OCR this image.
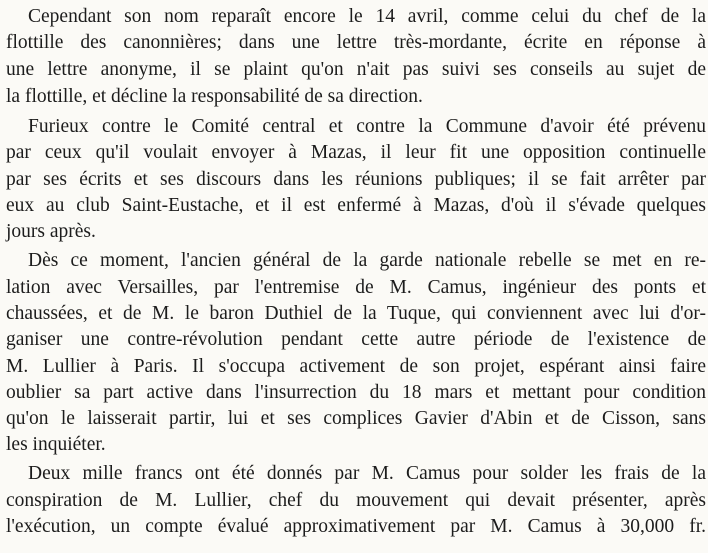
Cependant son nom reparaît encore le 14 avril, comme celui du chef de la
flottille des canonnières; dans une lettre très-mordante, écrite en réponse à
une lettre anonyme, il se plaint qu'on n'ait pas suivi ses conseils au sujet de
la flottille, et décline la responsabilité de sa direction.
Furieux contre le Comité central et contre la Commune d'avoir été prévenu
par ceux qu'il voulait envoyer à Mazas, il leur fit une opposition continuelle
par ses écrits et ses discours dans les réunions publiques; il se fait arrêter par
eux au club Saint-Eustache, et il est enfermé à Mazas, d'où il s'évade quelques
jours après.
Dès ce moment, l'ancien général de la garde nationale rebelle se met en re-
lation avec Versailles, par l'entremise de M. Camus, ingénieur des ponts et
chaussées, et de M. le baron Duthiel de la Tuque, qui conviennent avec lui d'or-
ganiser une contre-révolution pendant cette autre période de l'existence de
M. Lullier à Paris. Il s'occupa activement de son projet, espérant ainsi faire
oublier sa part active dans l'insurrection du 18 mars et mettant pour condition
qu'on le laisserait partir, lui et ses complices Gavier d'Abin et de Cisson, sans
les inquiéter.
Deux mille francs ont été donnés par M. Camus pour solder les frais de la
conspiration de M. Lullier, chef du mouvement qui devait présenter, après
l'exécution, un compte évalué approximativement par M. Camus à 30,000 fr.
